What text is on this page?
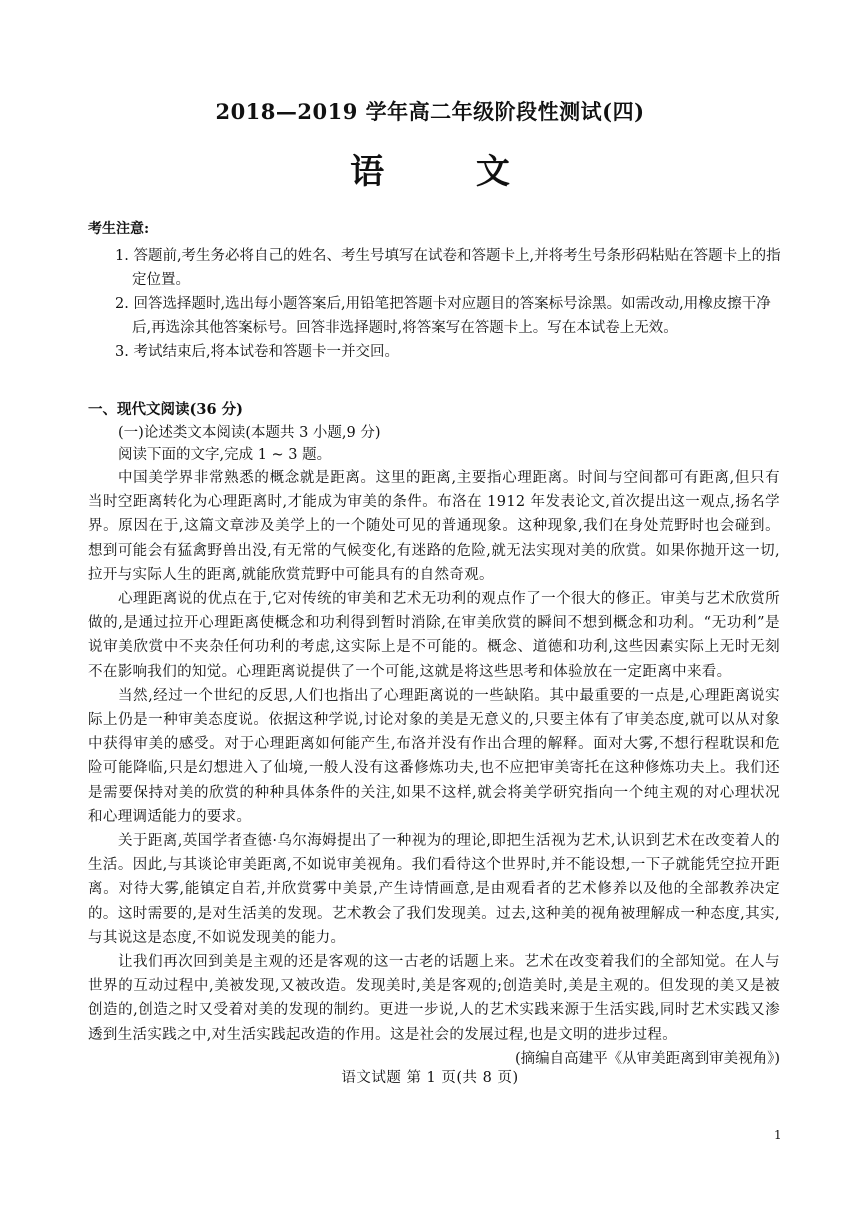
2018—2019 学年高二年级阶段性测试(四)
语 文
考生注意:
1. 答题前,考生务必将自己的姓名、考生号填写在试卷和答题卡上,并将考生号条形码粘贴在答题卡上的指定位置。
2. 回答选择题时,选出每小题答案后,用铅笔把答题卡对应题目的答案标号涂黑。如需改动,用橡皮擦干净后,再选涂其他答案标号。回答非选择题时,将答案写在答题卡上。写在本试卷上无效。
3. 考试结束后,将本试卷和答题卡一并交回。
一、现代文阅读(36 分)
(一)论述类文本阅读(本题共 3 小题,9 分)
阅读下面的文字,完成 1 ~ 3 题。

中国美学界非常熟悉的概念就是距离。这里的距离,主要指心理距离。时间与空间都可有距离,但只有当时空距离转化为心理距离时,才能成为审美的条件。布洛在 1912 年发表论文,首次提出这一观点,扬名学界。原因在于,这篇文章涉及美学上的一个随处可见的普通现象。这种现象,我们在身处荒野时也会碰到。想到可能会有猛禽野兽出没,有无常的气候变化,有迷路的危险,就无法实现对美的欣赏。如果你抛开这一切,拉开与实际人生的距离,就能欣赏荒野中可能具有的自然奇观。

心理距离说的优点在于,它对传统的审美和艺术无功利的观点作了一个很大的修正。审美与艺术欣赏所做的,是通过拉开心理距离使概念和功利得到暂时消除,在审美欣赏的瞬间不想到概念和功利。“无功利”是说审美欣赏中不夹杂任何功利的考虑,这实际上是不可能的。概念、道德和功利,这些因素实际上无时无刻不在影响我们的知觉。心理距离说提供了一个可能,这就是将这些思考和体验放在一定距离中来看。

当然,经过一个世纪的反思,人们也指出了心理距离说的一些缺陷。其中最重要的一点是,心理距离说实际上仍是一种审美态度说。依据这种学说,讨论对象的美是无意义的,只要主体有了审美态度,就可以从对象中获得审美的感受。对于心理距离如何能产生,布洛并没有作出合理的解释。面对大雾,不想行程耽误和危险可能降临,只是幻想进入了仙境,一般人没有这番修炼功夫,也不应把审美寄托在这种修炼功夫上。我们还是需要保持对美的欣赏的种种具体条件的关注,如果不这样,就会将美学研究指向一个纯主观的对心理状况和心理调适能力的要求。

关于距离,英国学者查德·乌尔海姆提出了一种视为的理论,即把生活视为艺术,认识到艺术在改变着人的生活。因此,与其谈论审美距离,不如说审美视角。我们看待这个世界时,并不能设想,一下子就能凭空拉开距离。对待大雾,能镇定自若,并欣赏雾中美景,产生诗情画意,是由观看者的艺术修养以及他的全部教养决定的。这时需要的,是对生活美的发现。艺术教会了我们发现美。过去,这种美的视角被理解成一种态度,其实,与其说这是态度,不如说发现美的能力。

让我们再次回到美是主观的还是客观的这一古老的话题上来。艺术在改变着我们的全部知觉。在人与世界的互动过程中,美被发现,又被改造。发现美时,美是客观的;创造美时,美是主观的。但发现的美又是被创造的,创造之时又受着对美的发现的制约。更进一步说,人的艺术实践来源于生活实践,同时艺术实践又渗透到生活实践之中,对生活实践起改造的作用。这是社会的发展过程,也是文明的进步过程。

(摘编自高建平《从审美距离到审美视角》)

语文试题 第 1 页(共 8 页)
1
